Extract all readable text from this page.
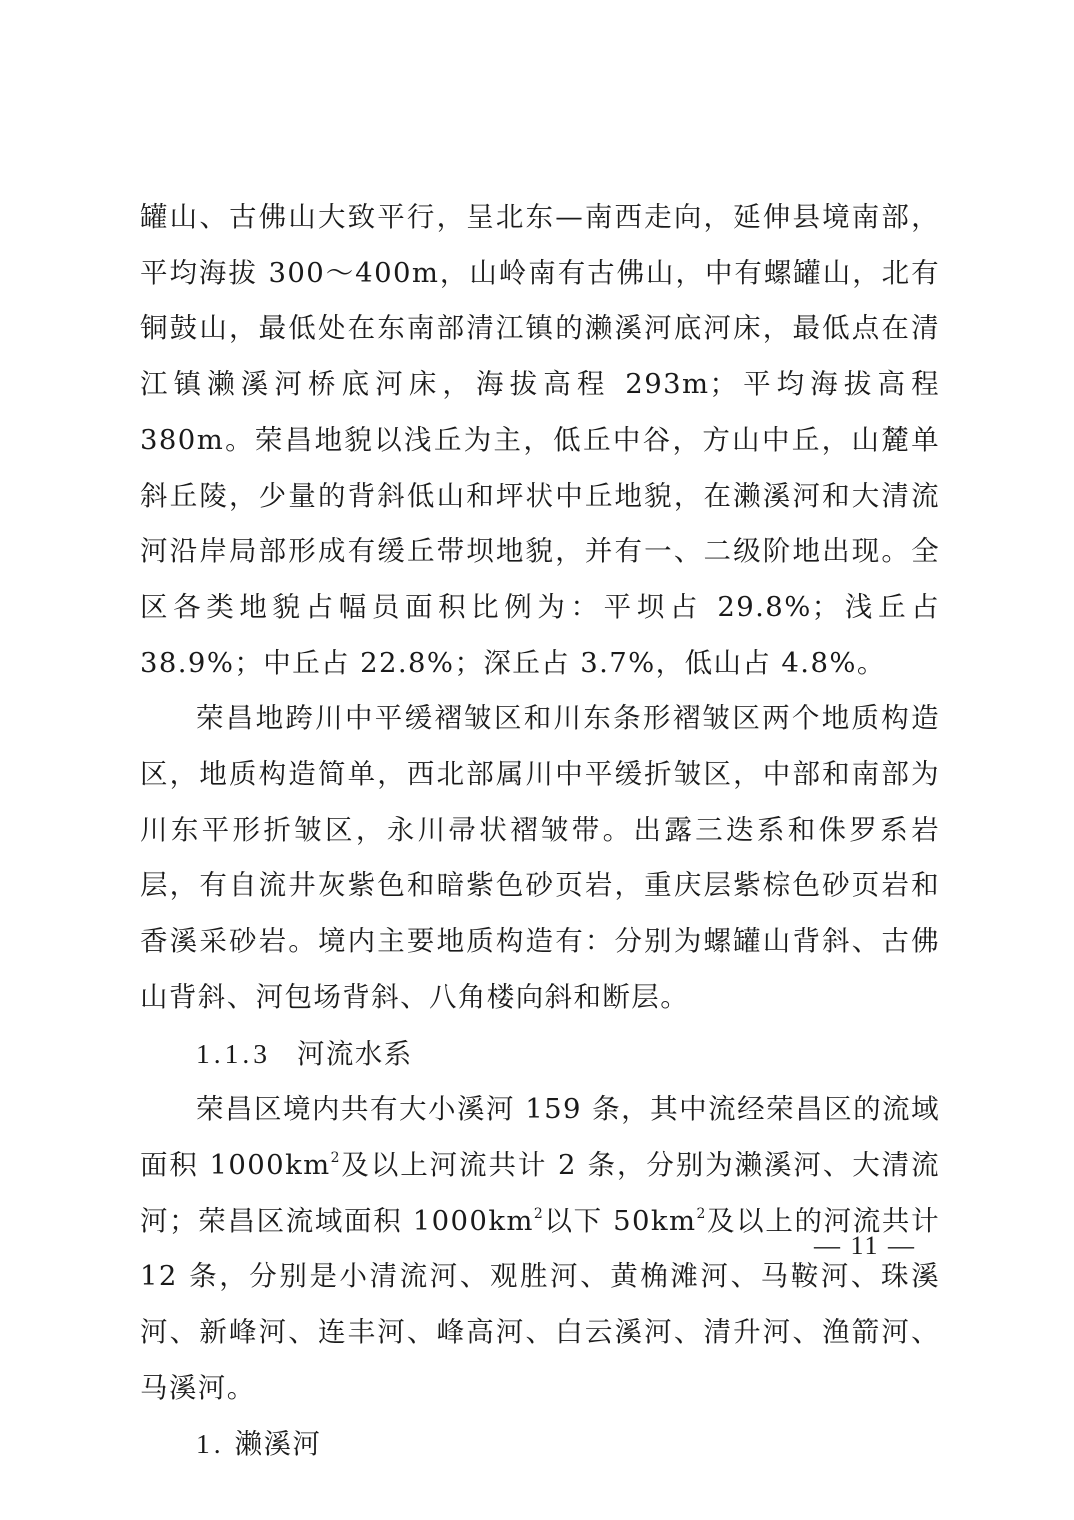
罐山、古佛山大致平行，呈北东—南西走向，延伸县境南部，平均海拔 300～400m，山岭南有古佛山，中有螺罐山，北有铜鼓山，最低处在东南部清江镇的濑溪河底河床，最低点在清江镇濑溪河桥底河床，海拔高程 293m；平均海拔高程 380m。荣昌地貌以浅丘为主，低丘中谷，方山中丘，山麓单斜丘陵，少量的背斜低山和坪状中丘地貌，在濑溪河和大清流河沿岸局部形成有缓丘带坝地貌，并有一、二级阶地出现。全区各类地貌占幅员面积比例为：平坝占 29.8%；浅丘占 38.9%；中丘占 22.8%；深丘占 3.7%，低山占 4.8%。

荣昌地跨川中平缓褶皱区和川东条形褶皱区两个地质构造区，地质构造简单，西北部属川中平缓折皱区，中部和南部为川东平形折皱区，永川帚状褶皱带。出露三迭系和侏罗系岩层，有自流井灰紫色和暗紫色砂页岩，重庆层紫棕色砂页岩和香溪采砂岩。境内主要地质构造有：分别为螺罐山背斜、古佛山背斜、河包场背斜、八角楼向斜和断层。

1.1.3 河流水系

荣昌区境内共有大小溪河 159 条，其中流经荣昌区的流域面积 $1000km^2$及以上河流共计 2 条，分别为濑溪河、大清流河；荣昌区流域面积 $1000km^2$以下 $50km^2$及以上的河流共计 12 条，分别是小清流河、观胜河、黄桷滩河、马鞍河、珠溪河、新峰河、连丰河、峰高河、白云溪河、清升河、渔箭河、马溪河。

1. 濑溪河

— 11 —
